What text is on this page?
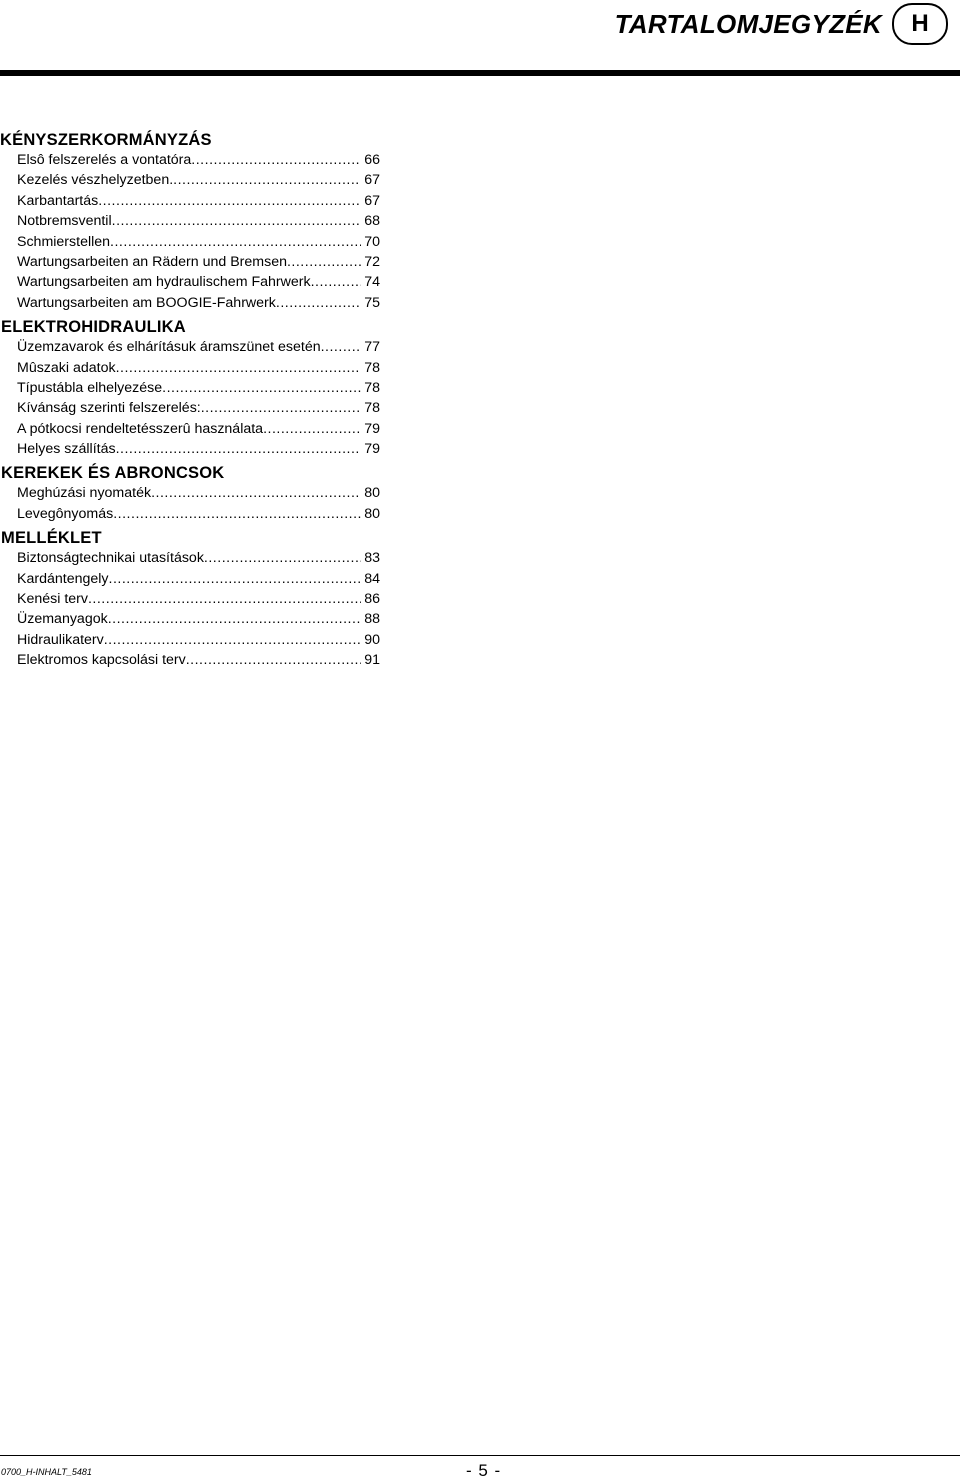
TARTALOMJEGYZÉK	H
KÉNYSZERKORMÁNYZÁS
Elsô felszerelés a vontatóra .....	66
Kezelés vészhelyzetben. .....	67
Karbantartás .....	67
Notbremsventil .....	68
Schmierstellen .....	70
Wartungsarbeiten an Rädern und Bremsen .....	72
Wartungsarbeiten am hydraulischem Fahrwerk .....	74
Wartungsarbeiten am BOOGIE-Fahrwerk .....	75
ELEKTROHIDRAULIKA
Üzemzavarok és elhárításuk áramszünet esetén .....	77
Mûszaki adatok .....	78
Típustábla elhelyezése .....	78
Kívánság szerinti felszerelés: .....	78
A pótkocsi rendeltetésszerû használata .....	79
Helyes szállítás .....	79
KEREKEK ÉS ABRONCSOK
Meghúzási nyomaték .....	80
Levegônyomás .....	80
MELLÉKLET
Biztonságtechnikai utasítások .....	83
Kardántengely .....	84
Kenési terv .....	86
Üzemanyagok .....	88
Hidraulikaterv .....	90
Elektromos kapcsolási terv .....	91
0700_H-INHALT_5481	- 5 -
